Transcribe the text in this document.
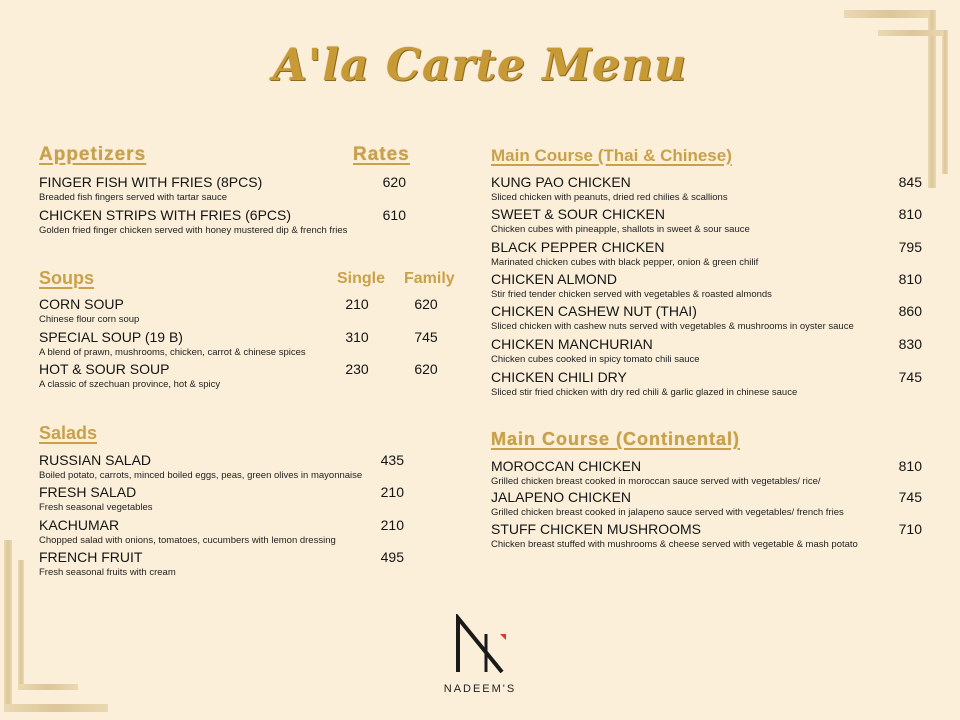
A'la Carte Menu
Appetizers	Rates
FINGER FISH WITH FRIES (8PCS)
Breaded fish fingers served with tartar sauce
620
CHICKEN STRIPS WITH FRIES (6PCS)
Golden fried finger chicken served with honey mustered dip & french fries
610
Soups	Single Family
CORN SOUP
Chinese flour corn soup
210	620
SPECIAL SOUP (19 B)
A blend of prawn, mushrooms, chicken, carrot & chinese spices
310	745
HOT & SOUR SOUP
A classic of szechuan province, hot & spicy
230	620
Salads
RUSSIAN SALAD
Boiled potato, carrots, minced boiled eggs, peas, green olives in mayonnaise
435
FRESH SALAD
Fresh seasonal vegetables
210
KACHUMAR
Chopped salad with onions, tomatoes, cucumbers with lemon dressing
210
FRENCH FRUIT
Fresh seasonal fruits with cream
495
Main Course (Thai & Chinese)
KUNG PAO CHICKEN
Sliced chicken with peanuts, dried red chilies & scallions
845
SWEET & SOUR CHICKEN
Chicken cubes with pineapple, shallots in sweet & sour sauce
810
BLACK PEPPER CHICKEN
Marinated chicken cubes with black pepper, onion & green chilif
795
CHICKEN ALMOND
Stir fried tender chicken served with vegetables & roasted almonds
810
CHICKEN CASHEW NUT (THAI)
Sliced chicken with cashew nuts served with vegetables & mushrooms in oyster sauce
860
CHICKEN MANCHURIAN
Chicken cubes cooked in spicy tomato chili sauce
830
CHICKEN CHILI DRY
Sliced stir fried chicken with dry red chili & garlic glazed in chinese sauce
745
Main Course (Continental)
MOROCCAN CHICKEN
Grilled chicken breast cooked in moroccan sauce served with vegetables/ rice/
810
JALAPENO CHICKEN
Grilled chicken breast cooked in jalapeno sauce served with vegetables/ french fries
745
STUFF CHICKEN MUSHROOMS
Chicken breast stuffed with mushrooms & cheese served with vegetable & mash potato
710
NADEEM'S
